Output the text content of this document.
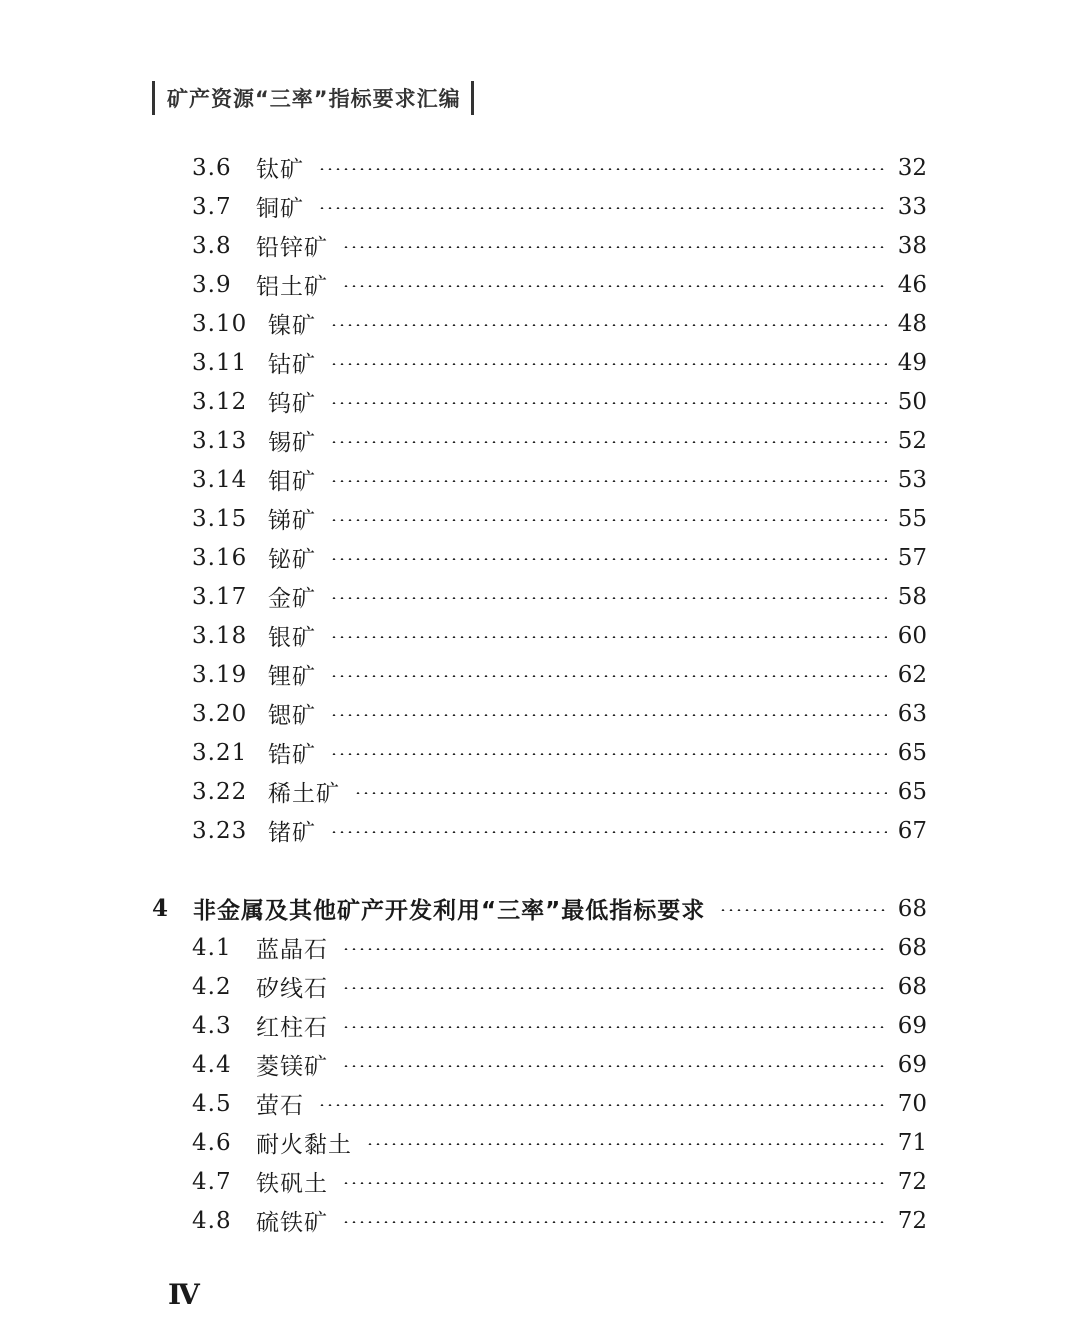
矿产资源“三率”指标要求汇编
3.6 钛矿	32
3.7 铜矿	33
3.8 铅锌矿	38
3.9 铝土矿	46
3.10 镍矿	48
3.11 钴矿	49
3.12 钨矿	50
3.13 锡矿	52
3.14 钼矿	53
3.15 锑矿	55
3.16 铋矿	57
3.17 金矿	58
3.18 银矿	60
3.19 锂矿	62
3.20 锶矿	63
3.21 锆矿	65
3.22 稀土矿	65
3.23 锗矿	67
4 非金属及其他矿产开发利用“三率”最低指标要求	68
4.1 蓝晶石	68
4.2 矽线石	68
4.3 红柱石	69
4.4 菱镁矿	69
4.5 萤石	70
4.6 耐火黏土	71
4.7 铁矾土	72
4.8 硫铁矿	72
Ⅳ
